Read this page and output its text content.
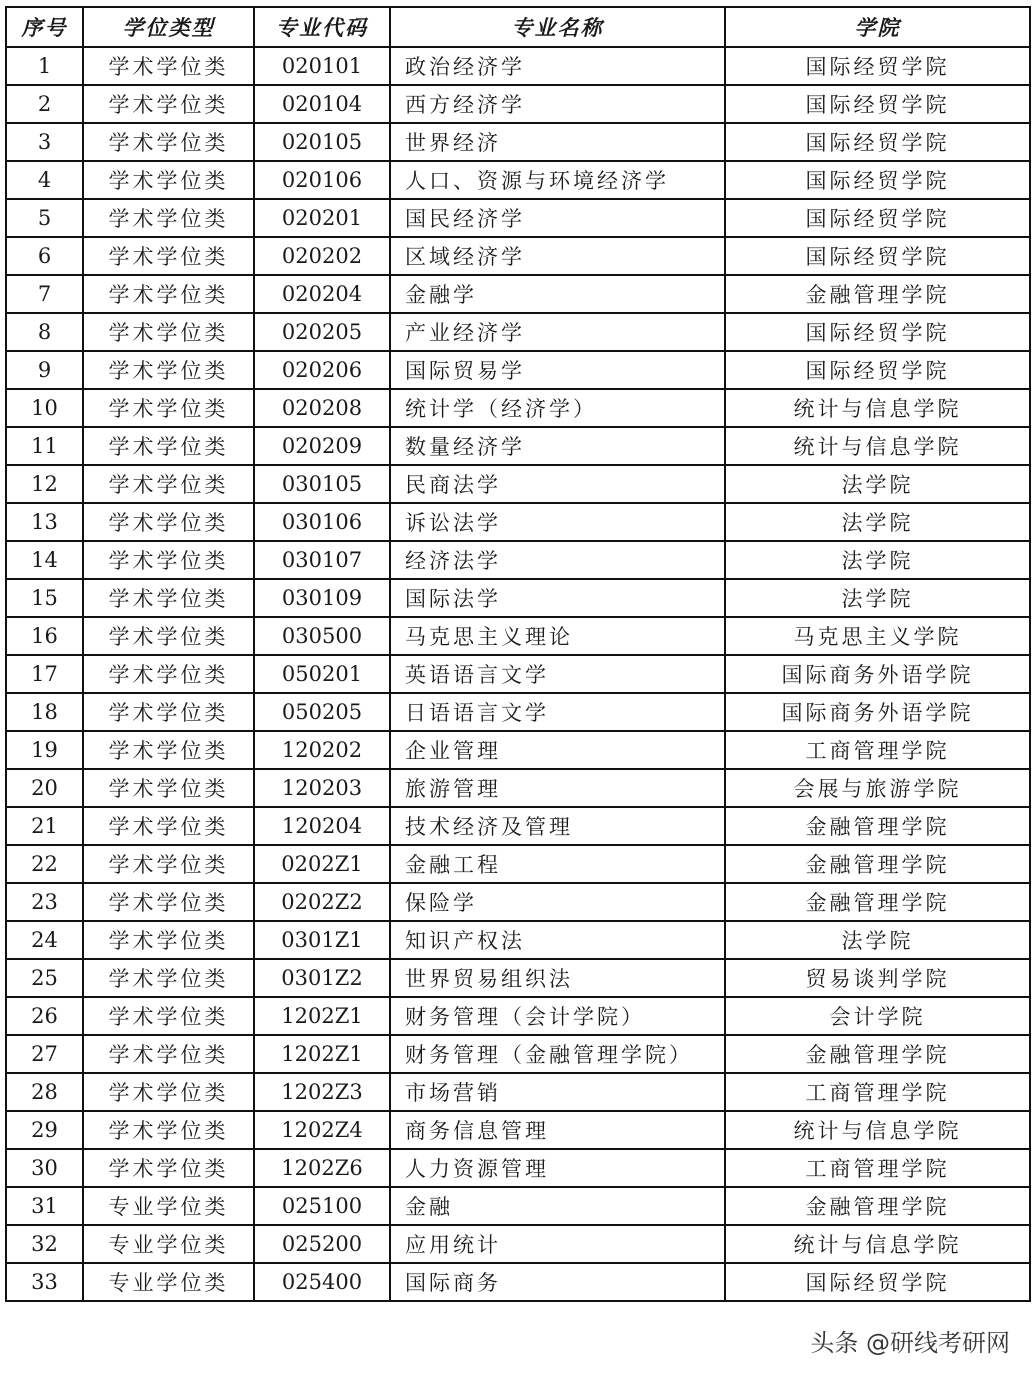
序号	学位类型	专业代码	专业名称	学院
1	学术学位类	020101	政治经济学	国际经贸学院
2	学术学位类	020104	西方经济学	国际经贸学院
3	学术学位类	020105	世界经济	国际经贸学院
4	学术学位类	020106	人口、资源与环境经济学	国际经贸学院
5	学术学位类	020201	国民经济学	国际经贸学院
6	学术学位类	020202	区域经济学	国际经贸学院
7	学术学位类	020204	金融学	金融管理学院
8	学术学位类	020205	产业经济学	国际经贸学院
9	学术学位类	020206	国际贸易学	国际经贸学院
10	学术学位类	020208	统计学（经济学）	统计与信息学院
11	学术学位类	020209	数量经济学	统计与信息学院
12	学术学位类	030105	民商法学	法学院
13	学术学位类	030106	诉讼法学	法学院
14	学术学位类	030107	经济法学	法学院
15	学术学位类	030109	国际法学	法学院
16	学术学位类	030500	马克思主义理论	马克思主义学院
17	学术学位类	050201	英语语言文学	国际商务外语学院
18	学术学位类	050205	日语语言文学	国际商务外语学院
19	学术学位类	120202	企业管理	工商管理学院
20	学术学位类	120203	旅游管理	会展与旅游学院
21	学术学位类	120204	技术经济及管理	金融管理学院
22	学术学位类	0202Z1	金融工程	金融管理学院
23	学术学位类	0202Z2	保险学	金融管理学院
24	学术学位类	0301Z1	知识产权法	法学院
25	学术学位类	0301Z2	世界贸易组织法	贸易谈判学院
26	学术学位类	1202Z1	财务管理（会计学院）	会计学院
27	学术学位类	1202Z1	财务管理（金融管理学院）	金融管理学院
28	学术学位类	1202Z3	市场营销	工商管理学院
29	学术学位类	1202Z4	商务信息管理	统计与信息学院
30	学术学位类	1202Z6	人力资源管理	工商管理学院
31	专业学位类	025100	金融	金融管理学院
32	专业学位类	025200	应用统计	统计与信息学院
33	专业学位类	025400	国际商务	国际经贸学院
头条 @研线考研网
